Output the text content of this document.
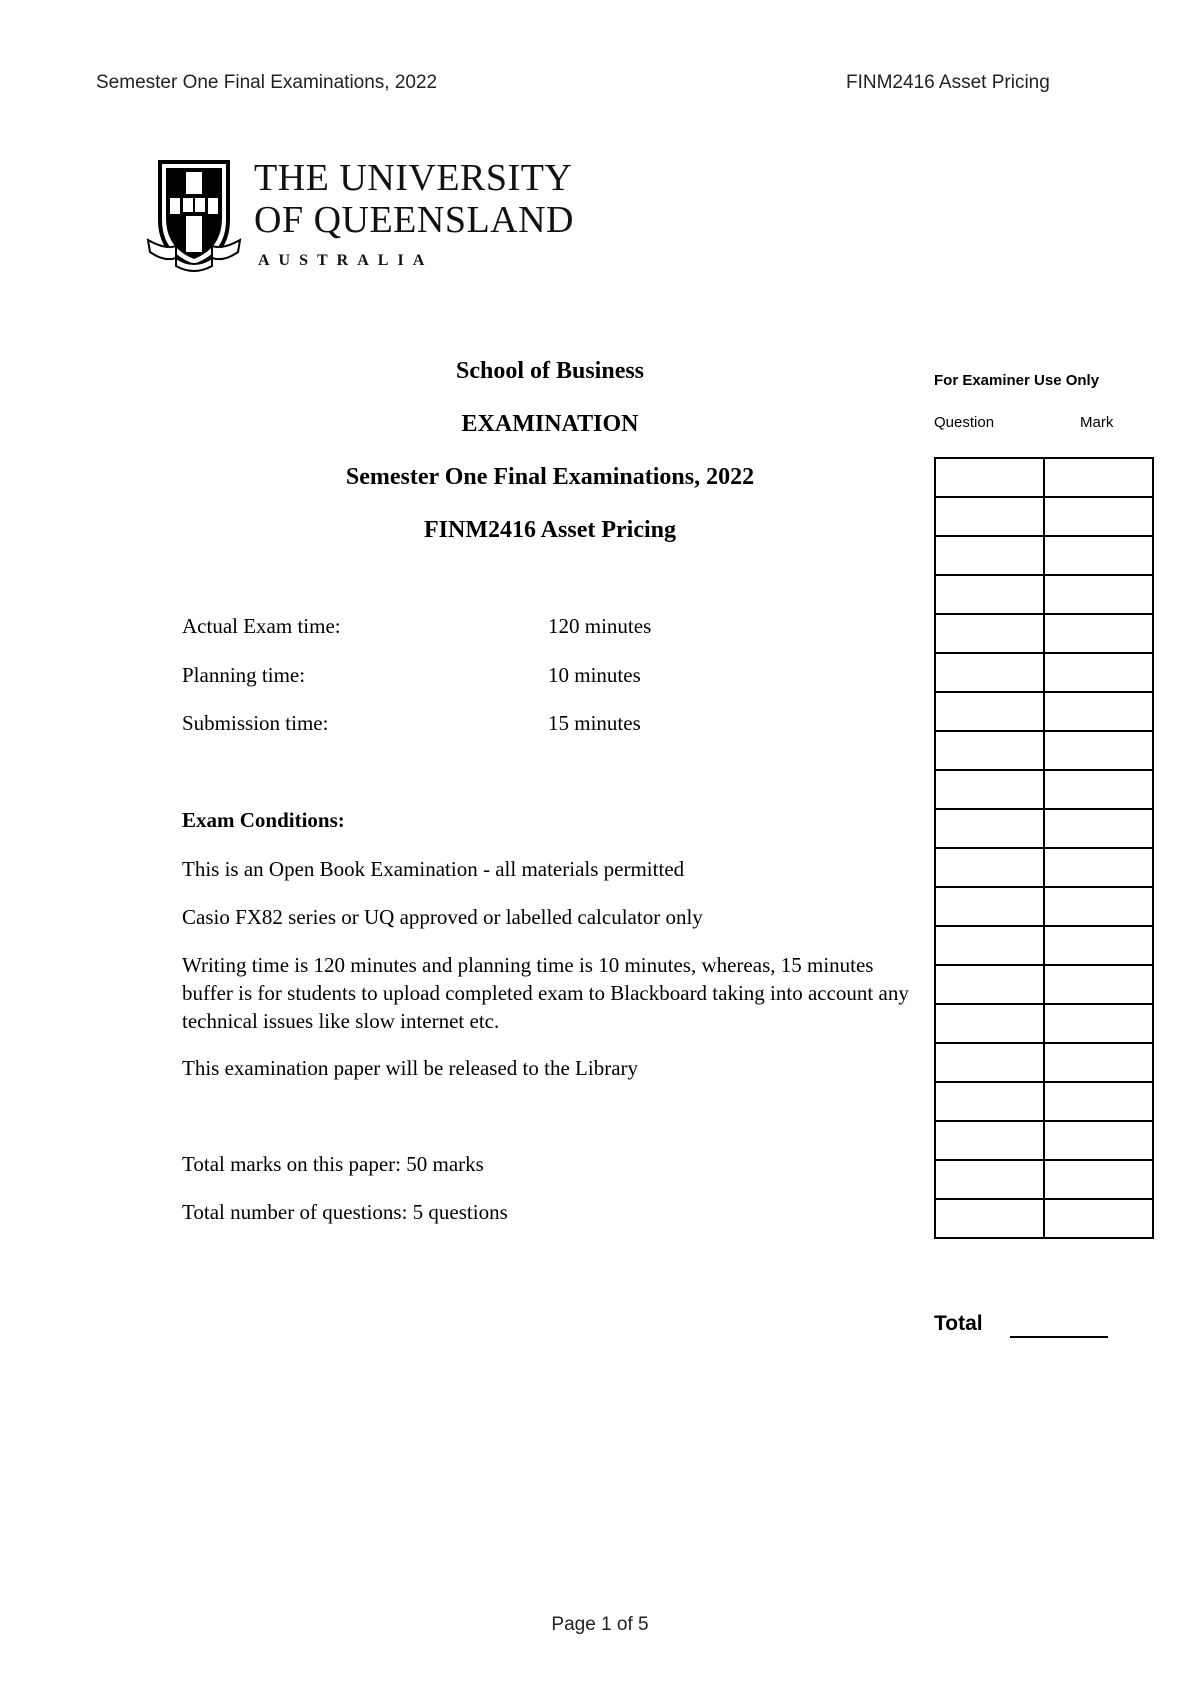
Semester One Final Examinations, 2022	FINM2416 Asset Pricing
THE UNIVERSITY
OF QUEENSLAND
AUSTRALIA
School of Business
EXAMINATION
Semester One Final Examinations, 2022
FINM2416 Asset Pricing
Actual Exam time:	120 minutes
Planning time:	10 minutes
Submission time:	15 minutes
Exam Conditions:
This is an Open Book Examination - all materials permitted
Casio FX82 series or UQ approved or labelled calculator only
Writing time is 120 minutes and planning time is 10 minutes, whereas, 15 minutes buffer is for students to upload completed exam to Blackboard taking into account any technical issues like slow internet etc.
This examination paper will be released to the Library
Total marks on this paper: 50 marks
Total number of questions: 5 questions
For Examiner Use Only
Question	Mark

Total
Page 1 of 5
